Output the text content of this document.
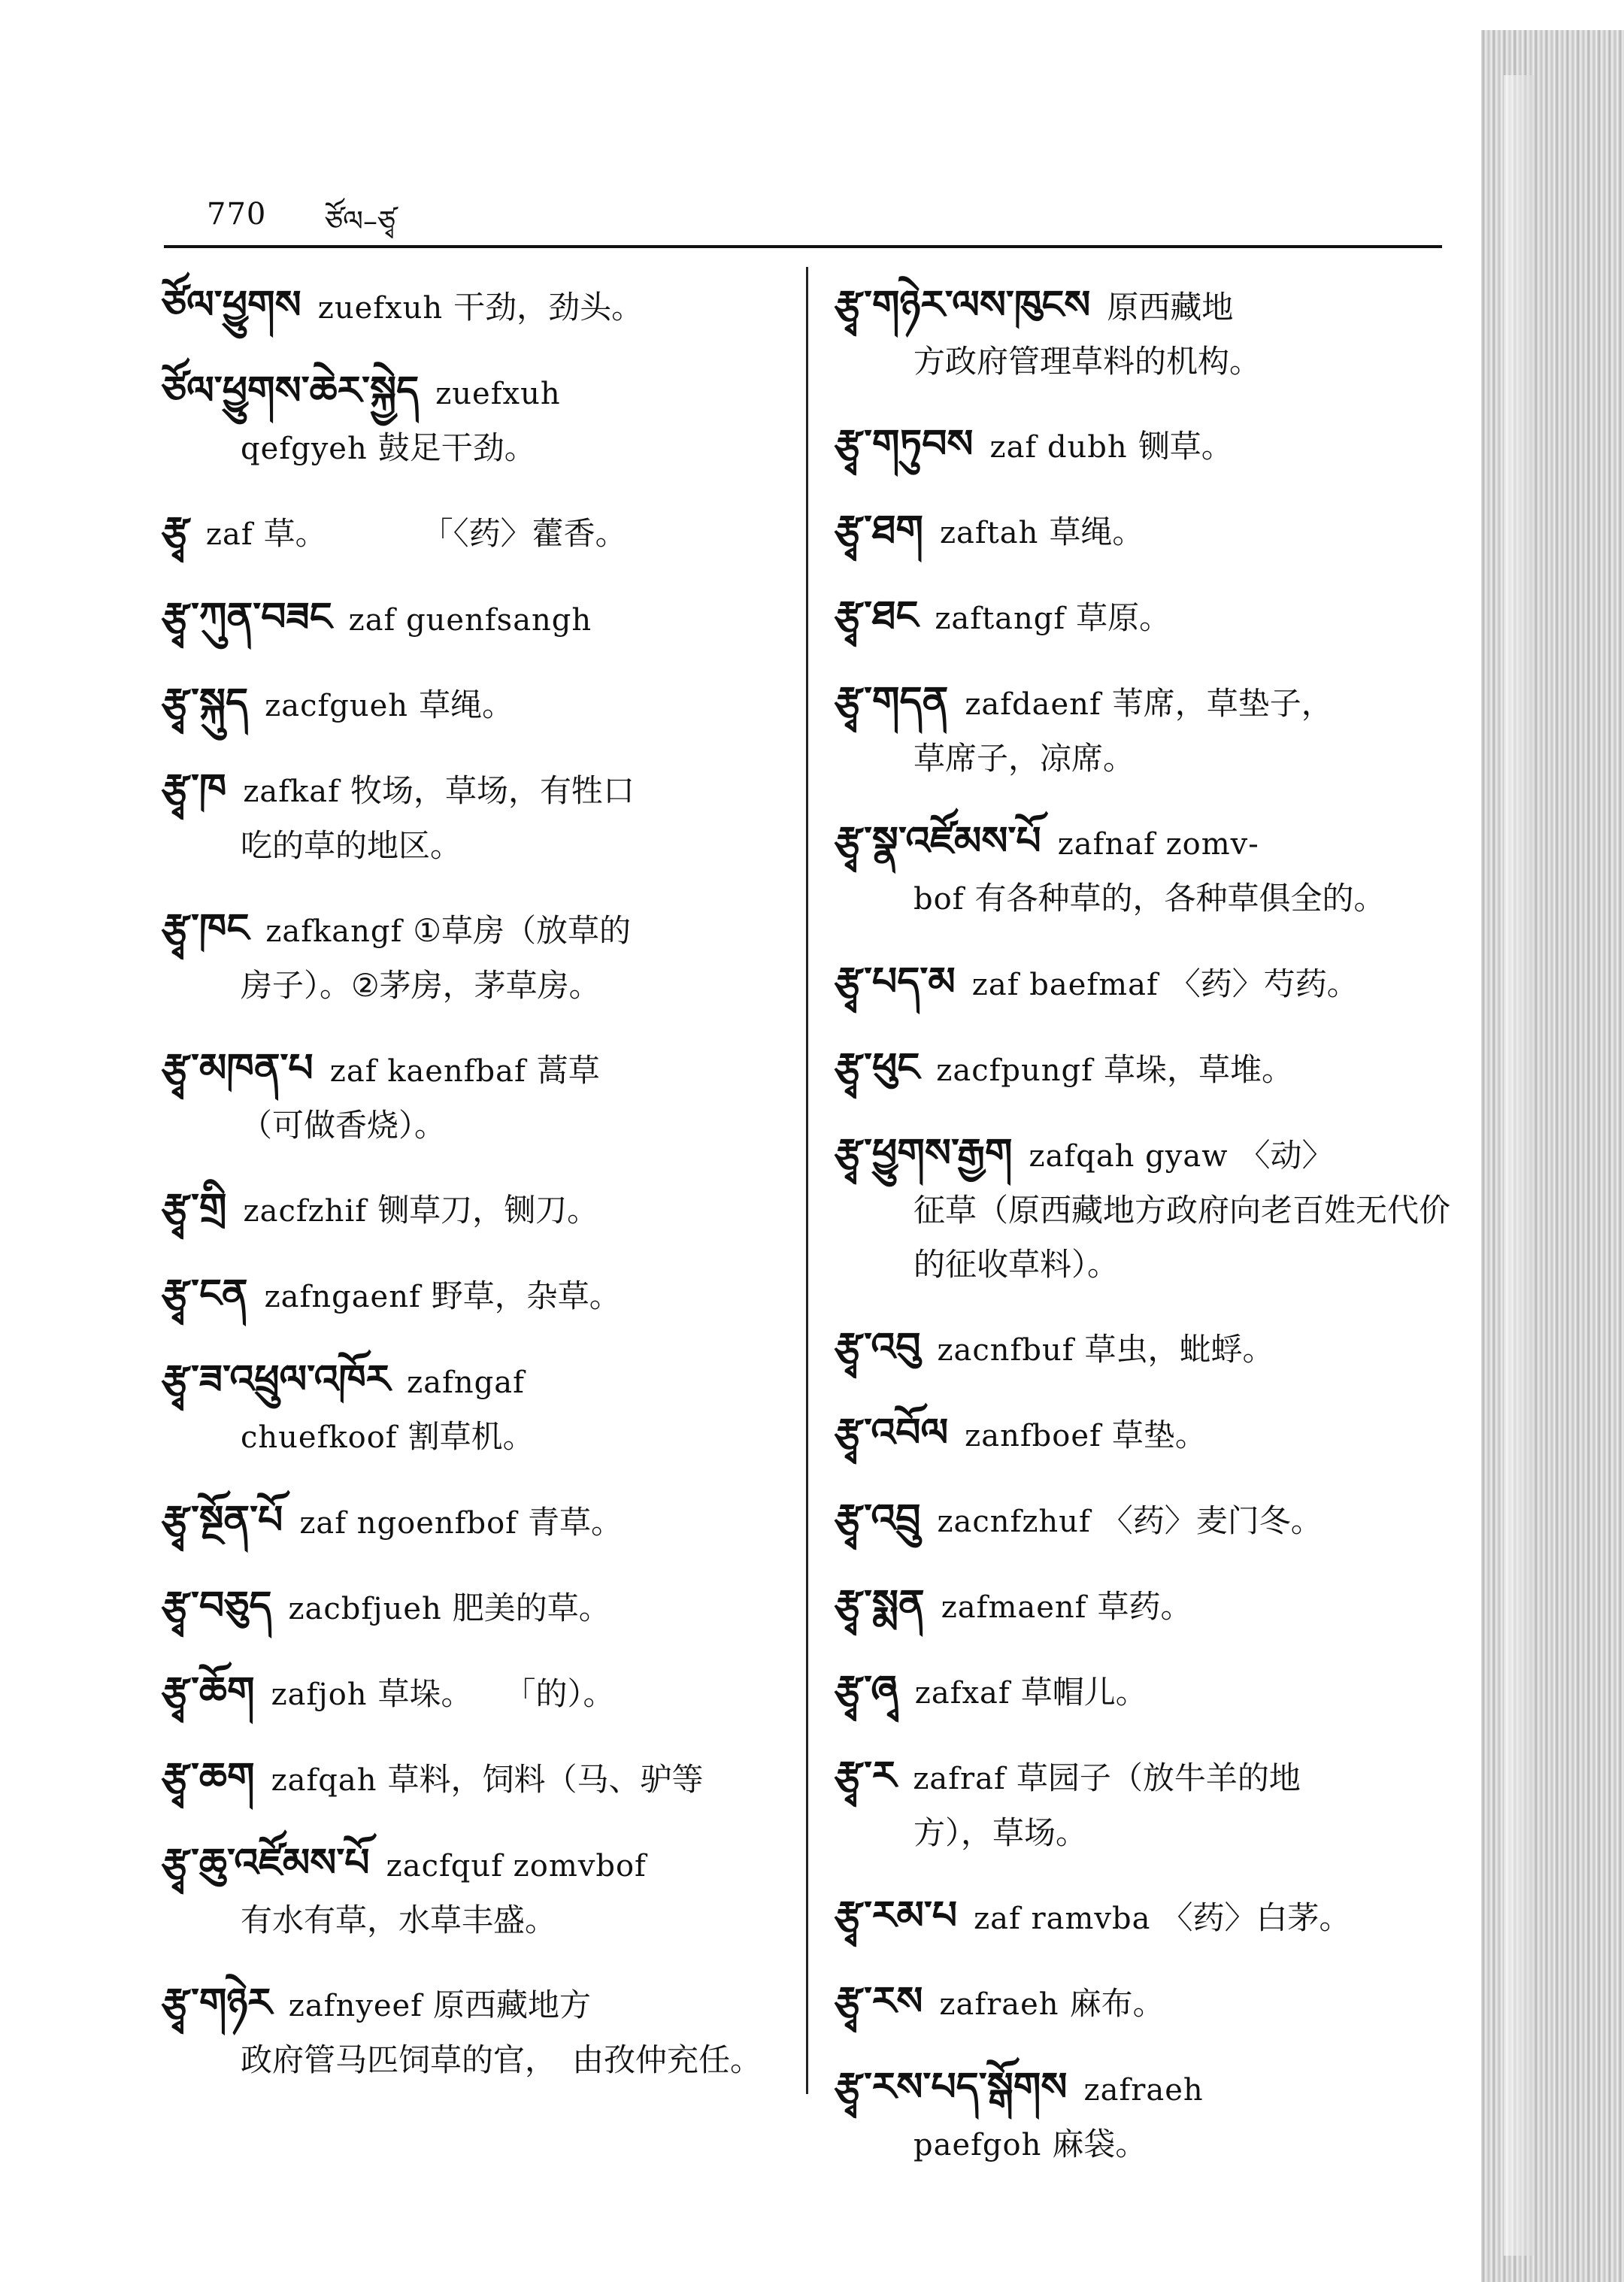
770 ཙོལ–ཙྭ
ཙོལ་ཕྱུགས zuefxuh 干劲，劲头。
ཙོལ་ཕྱུགས་ཆེར་སྐྱེད zuefxuh
qefgyeh 鼓足干劲。
རྩྭ zaf 草。　　　　「〈药〉藿香。
རྩྭ་ཀུན་བཟང zaf guenfsangh
རྩྭ་སྐུད zacfgueh 草绳。
རྩྭ་ཁ zafkaf 牧场，草场，有牲口
吃的草的地区。
རྩྭ་ཁང zafkangf ①草房（放草的
房子）。②茅房，茅草房。
རྩྭ་མཁན་པ zaf kaenfbaf 蒿草
（可做香烧）。
རྩྭ་གྲི zacfzhif 铡草刀，铡刀。
རྩྭ་ངན zafngaenf 野草，杂草。
རྩྭ་ཟ་འཕྲུལ་འཁོར zafngaf
chuefkoof 割草机。
རྩྭ་སྔོན་པོ zaf ngoenfbof 青草。
རྩྭ་བཅུད zacbfjueh 肥美的草。
རྩྭ་ཆོག zafjoh 草垛。　　「的）。
རྩྭ་ཆག zafqah 草料，饲料（马、驴等
རྩྭ་ཆུ་འཛོམས་པོ zacfquf zomvbof
有水有草，水草丰盛。
རྩྭ་གཉེར zafnyeef 原西藏地方
政府管马匹饲草的官，　由孜仲充任。
རྩྭ་གཉེར་ལས་ཁུངས 原西藏地
方政府管理草料的机构。
རྩྭ་གཏུབས zaf dubh 铡草。
རྩྭ་ཐག zaftah 草绳。
རྩྭ་ཐང zaftangf 草原。
རྩྭ་གདན zafdaenf 苇席，草垫子，
草席子，凉席。
རྩྭ་སྣ་འཛོམས་པོ zafnaf zomv-
bof 有各种草的，各种草俱全的。
རྩྭ་པད་མ zaf baefmaf 〈药〉芍药。
རྩྭ་ཕུང zacfpungf 草垛，草堆。
རྩྭ་ཕྱུགས་རྒྱག zafqah gyaw 〈动〉
征草（原西藏地方政府向老百姓无代价的征收草料）。
རྩྭ་འབུ zacnfbuf 草虫，蚍蜉。
རྩྭ་འབོལ zanfboef 草垫。
རྩྭ་འབྲུ zacnfzhuf 〈药〉麦门冬。
རྩྭ་སྨན zafmaenf 草药。
རྩྭ་ཞྭ zafxaf 草帽儿。
རྩྭ་ར zafraf 草园子（放牛羊的地
方），草场。
རྩྭ་རམ་པ zaf ramvba 〈药〉白茅。
རྩྭ་རས zafraeh 麻布。
རྩྭ་རས་པད་སྒོགས zafraeh
paefgoh 麻袋。
